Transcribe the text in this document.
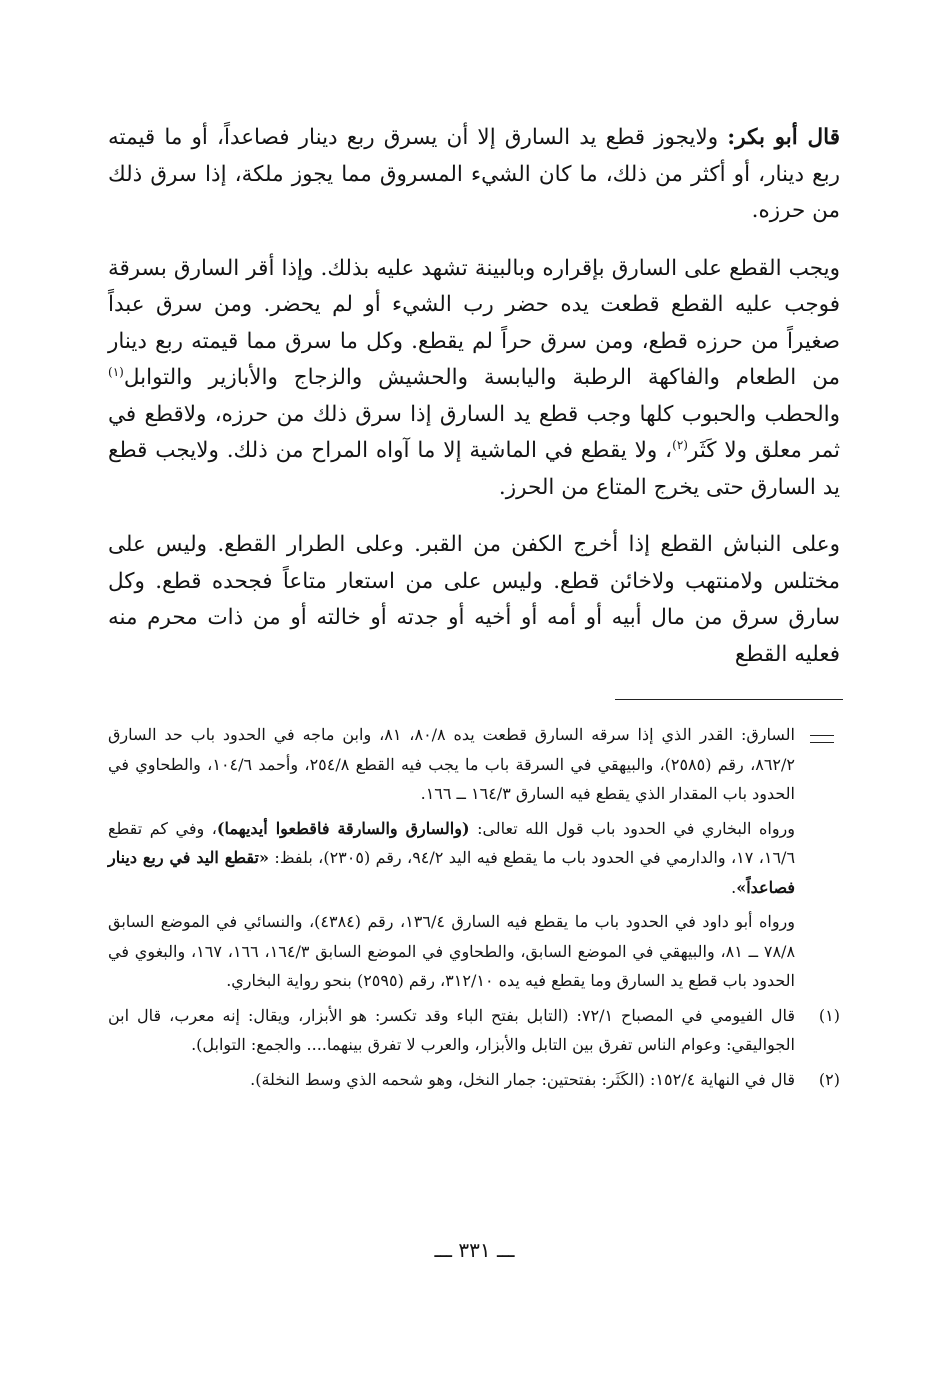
قال أبو بكر: ولايجوز قطع يد السارق إلا أن يسرق ربع دينار فصاعداً، أو ما قيمته ربع دينار، أو أكثر من ذلك، ما كان الشيء المسروق مما يجوز ملكة، إذا سرق ذلك من حرزه.

ويجب القطع على السارق بإقراره وبالبينة تشهد عليه بذلك. وإذا أقر السارق بسرقة فوجب عليه القطع قطعت يده حضر رب الشيء أو لم يحضر. ومن سرق عبداً صغيراً من حرزه قطع، ومن سرق حراً لم يقطع. وكل ما سرق مما قيمته ربع دينار من الطعام والفاكهة الرطبة واليابسة والحشيش والزجاج والأبازير والتوابل$^{(١)}$ والحطب والحبوب كلها وجب قطع يد السارق إذا سرق ذلك من حرزه، ولاقطع في ثمر معلق ولا كَثَر$^{(٢)}$، ولا يقطع في الماشية إلا ما آواه المراح من ذلك. ولايجب قطع يد السارق حتى يخرج المتاع من الحرز.

وعلى النباش القطع إذا أخرج الكفن من القبر. وعلى الطرار القطع. وليس على مختلس ولامنتهب ولاخائن قطع. وليس على من استعار متاعاً فجحده قطع. وكل سارق سرق من مال أبيه أو أمه أو أخيه أو جدته أو خالته أو من ذات محرم منه فعليه القطع

السارق: القدر الذي إذا سرقه السارق قطعت يده ٨٠/٨، ٨١، وابن ماجه في الحدود باب حد السارق ٨٦٢/٢، رقم (٢٥٨٥)، والبيهقي في السرقة باب ما يجب فيه القطع ٢٥٤/٨، وأحمد ١٠٤/٦، والطحاوي في الحدود باب المقدار الذي يقطع فيه السارق ١٦٤/٣ ــ ١٦٦.
ورواه البخاري في الحدود باب قول الله تعالى: (والسارق والسارقة فاقطعوا أيديهما)، وفي كم تقطع ١٦/٦، ١٧، والدارمي في الحدود باب ما يقطع فيه اليد ٩٤/٢، رقم (٢٣٠٥)، بلفظ: «تقطع اليد في ربع دينار فصاعداً».
ورواه أبو داود في الحدود باب ما يقطع فيه السارق ١٣٦/٤، رقم (٤٣٨٤)، والنسائي في الموضع السابق ٧٨/٨ ــ ٨١، والبيهقي في الموضع السابق، والطحاوي في الموضع السابق ١٦٤/٣، ١٦٦، ١٦٧، والبغوي في الحدود باب قطع يد السارق وما يقطع فيه يده ٣١٢/١٠، رقم (٢٥٩٥) بنحو رواية البخاري.
(١)
قال الفيومي في المصباح ٧٢/١: (التابل بفتح الباء وقد تكسر: هو الأبزار، ويقال: إنه معرب، قال ابن الجواليقي: وعوام الناس تفرق بين التابل والأبزار، والعرب لا تفرق بينهما.... والجمع: التوابل).
(٢)
قال في النهاية ١٥٢/٤: (الكَثَر: بفتحتين: جمار النخل، وهو شحمه الذي وسط النخلة).
ـــ ٣٣١ ـــ
